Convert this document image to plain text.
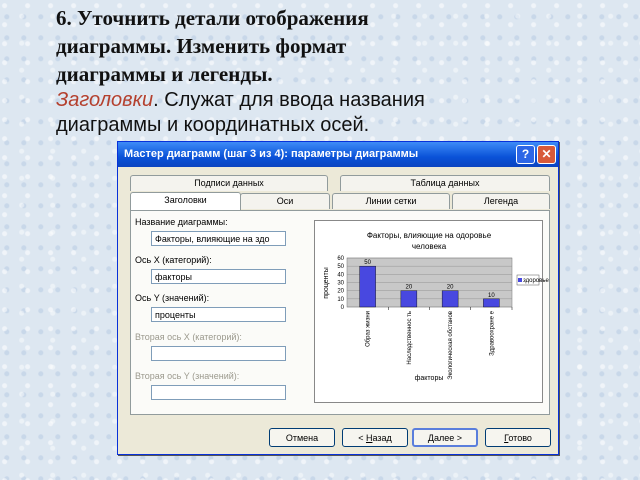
6. Уточнить детали отображения

диаграммы. Изменить формат

диаграммы и легенды.

Заголовки. Служат для ввода названия

диаграммы и координатных осей.

Мастер диаграмм (шаг 3 из 4): параметры диаграммы	?	✕
Подписи данных	Таблица данных
Заголовки	Оси	Линии сетки	Легенда
Название диаграммы:
Факторы, влияющие на здо
Ось X (категорий):
факторы
Ось Y (значений):
проценты
Вторая ось X (категорий):
Вторая ось Y (значений):
Факторы, влияющие на одоровье
человека
0
10
20
30
40
50
60
50
20	20
10
Образ жизни	Наследственнос ть	Экологическая обстанов	Здравоохране е
проценты
факторы
здоровье
Отмена	< Назад	Далее >	Готово
